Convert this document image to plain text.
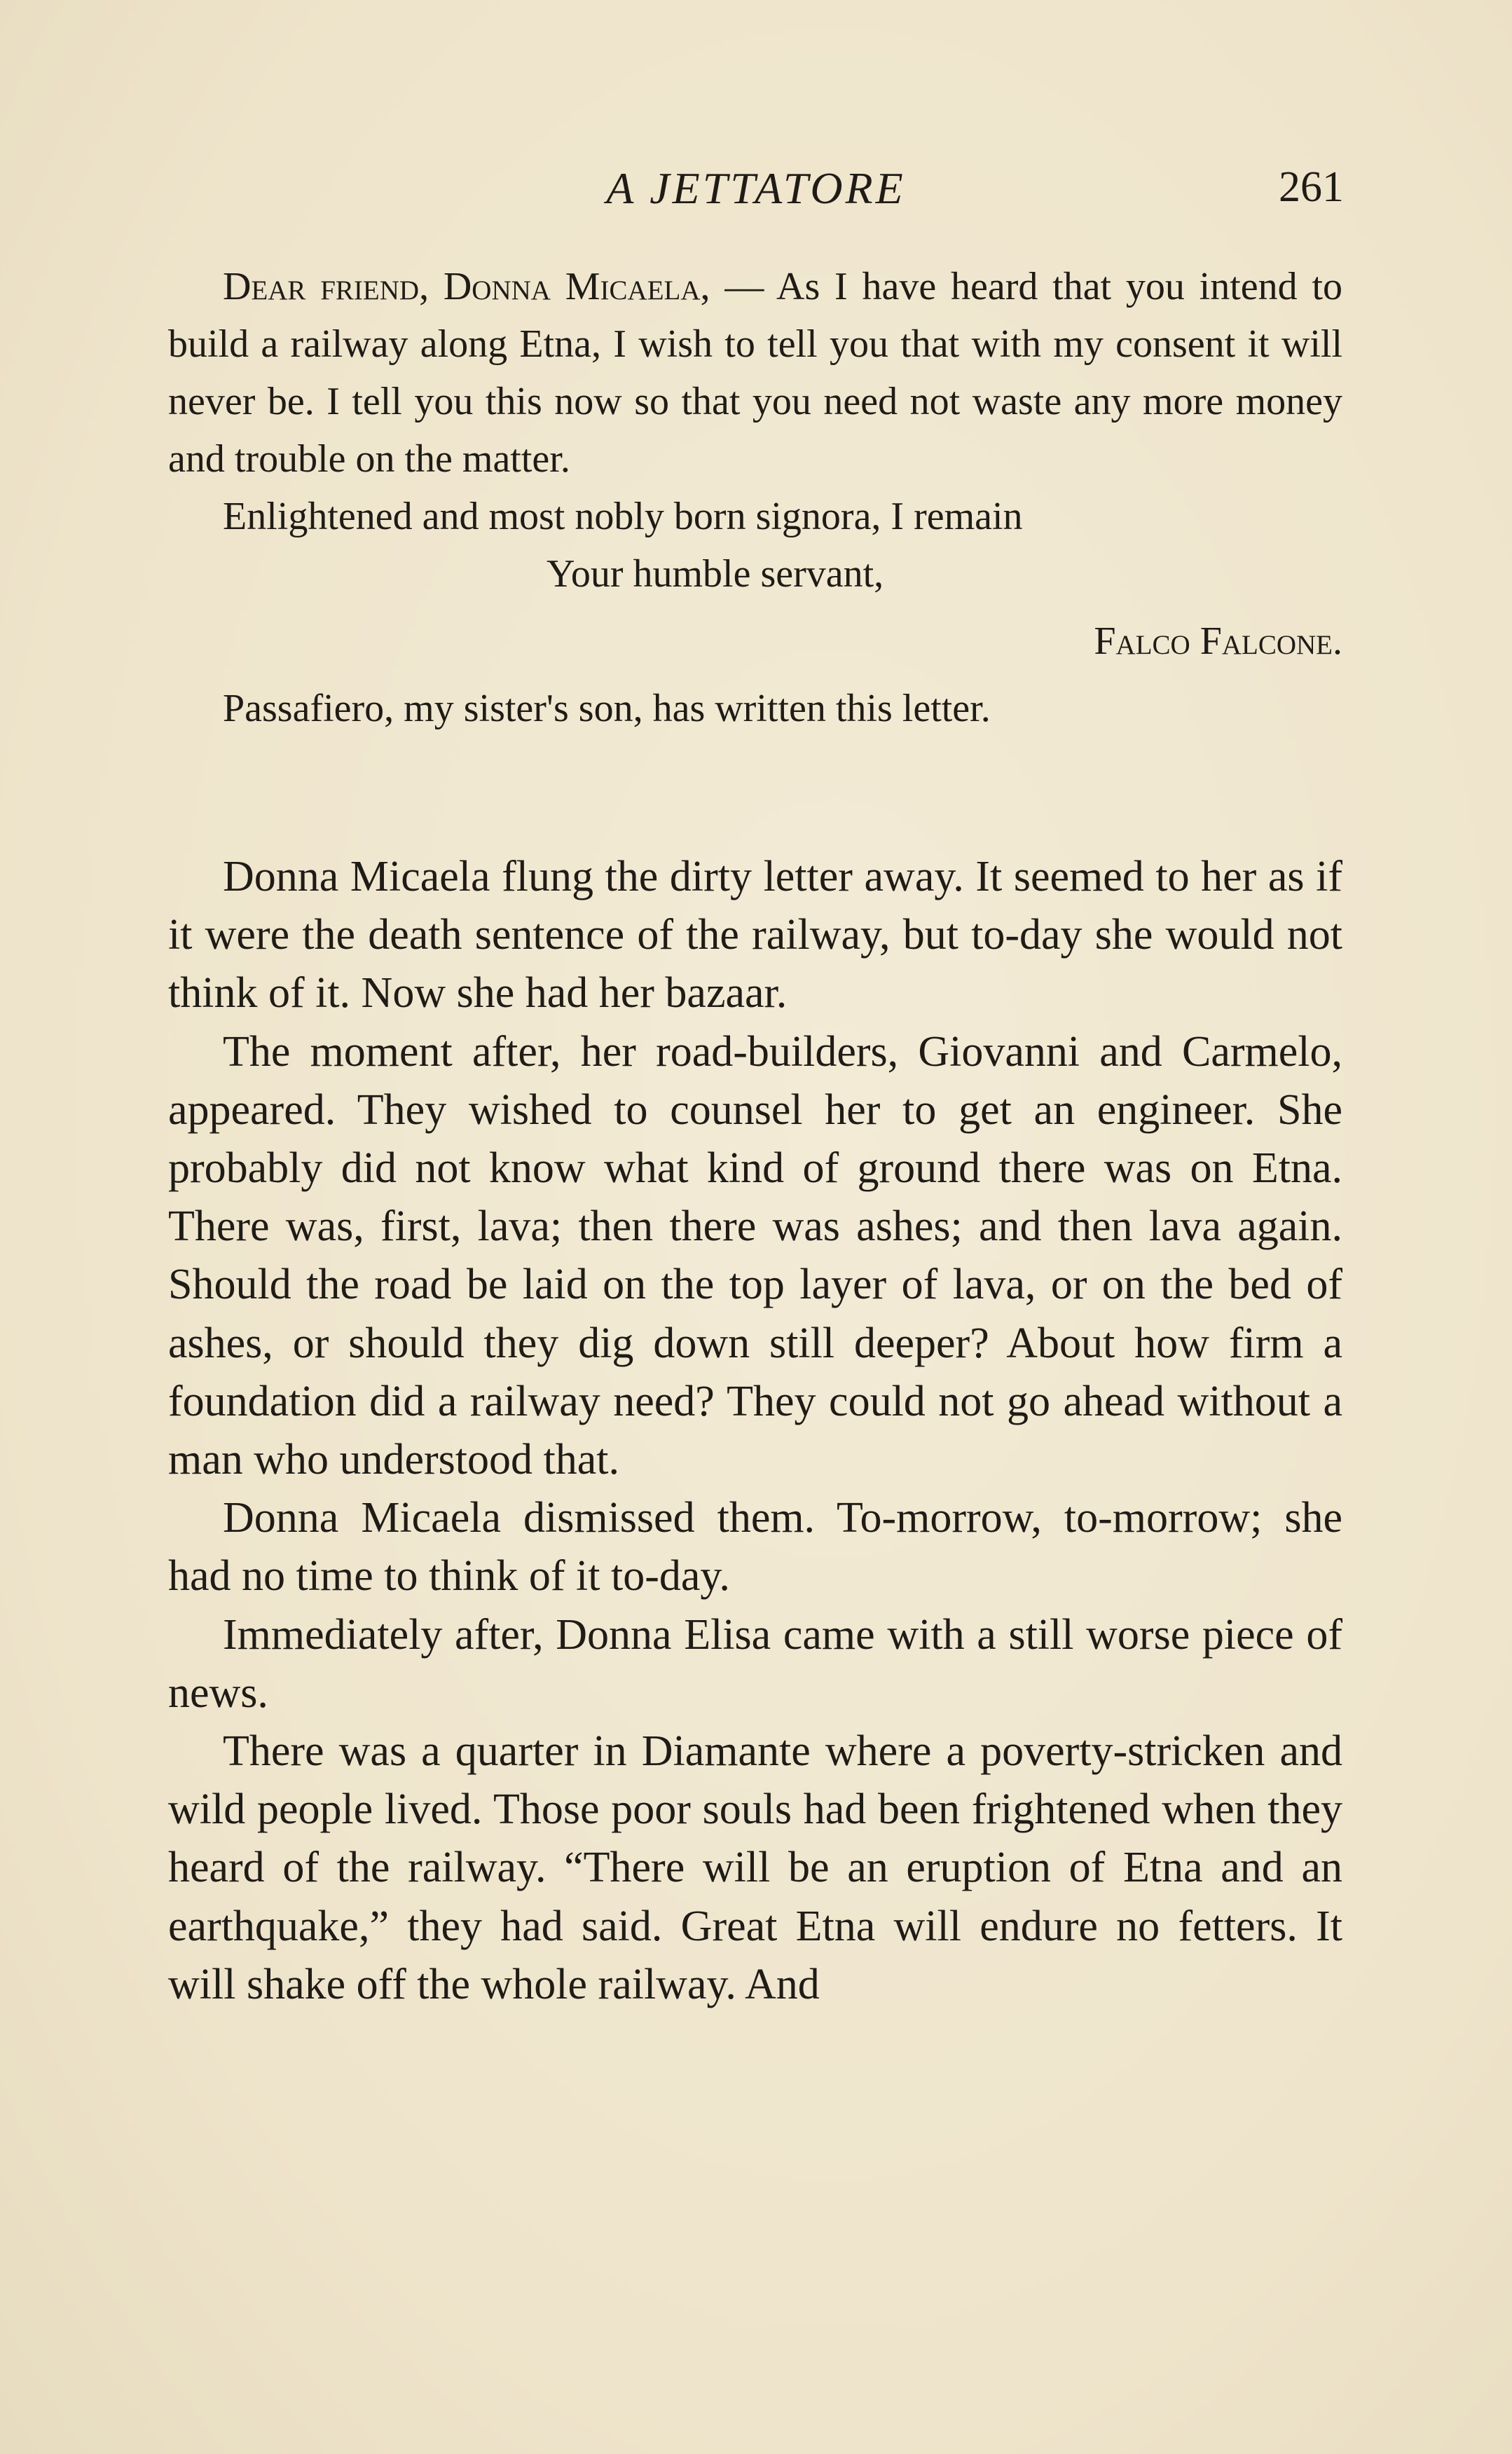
A JETTATORE	261

Dear friend, Donna Micaela, — As I have heard that you intend to build a railway along Etna, I wish to tell you that with my consent it will never be. I tell you this now so that you need not waste any more money and trouble on the matter.

Enlightened and most nobly born signora, I remain

Your humble servant,

Falco Falcone.

Passafiero, my sister's son, has written this letter.

Donna Micaela flung the dirty letter away. It seemed to her as if it were the death sentence of the railway, but to-day she would not think of it. Now she had her bazaar.

The moment after, her road-builders, Giovanni and Carmelo, appeared. They wished to counsel her to get an engineer. She probably did not know what kind of ground there was on Etna. There was, first, lava; then there was ashes; and then lava again. Should the road be laid on the top layer of lava, or on the bed of ashes, or should they dig down still deeper? About how firm a foundation did a railway need? They could not go ahead without a man who understood that.

Donna Micaela dismissed them. To-morrow, to-morrow; she had no time to think of it to-day.

Immediately after, Donna Elisa came with a still worse piece of news.

There was a quarter in Diamante where a poverty-stricken and wild people lived. Those poor souls had been frightened when they heard of the railway. “There will be an eruption of Etna and an earthquake,” they had said. Great Etna will endure no fetters. It will shake off the whole railway. And
